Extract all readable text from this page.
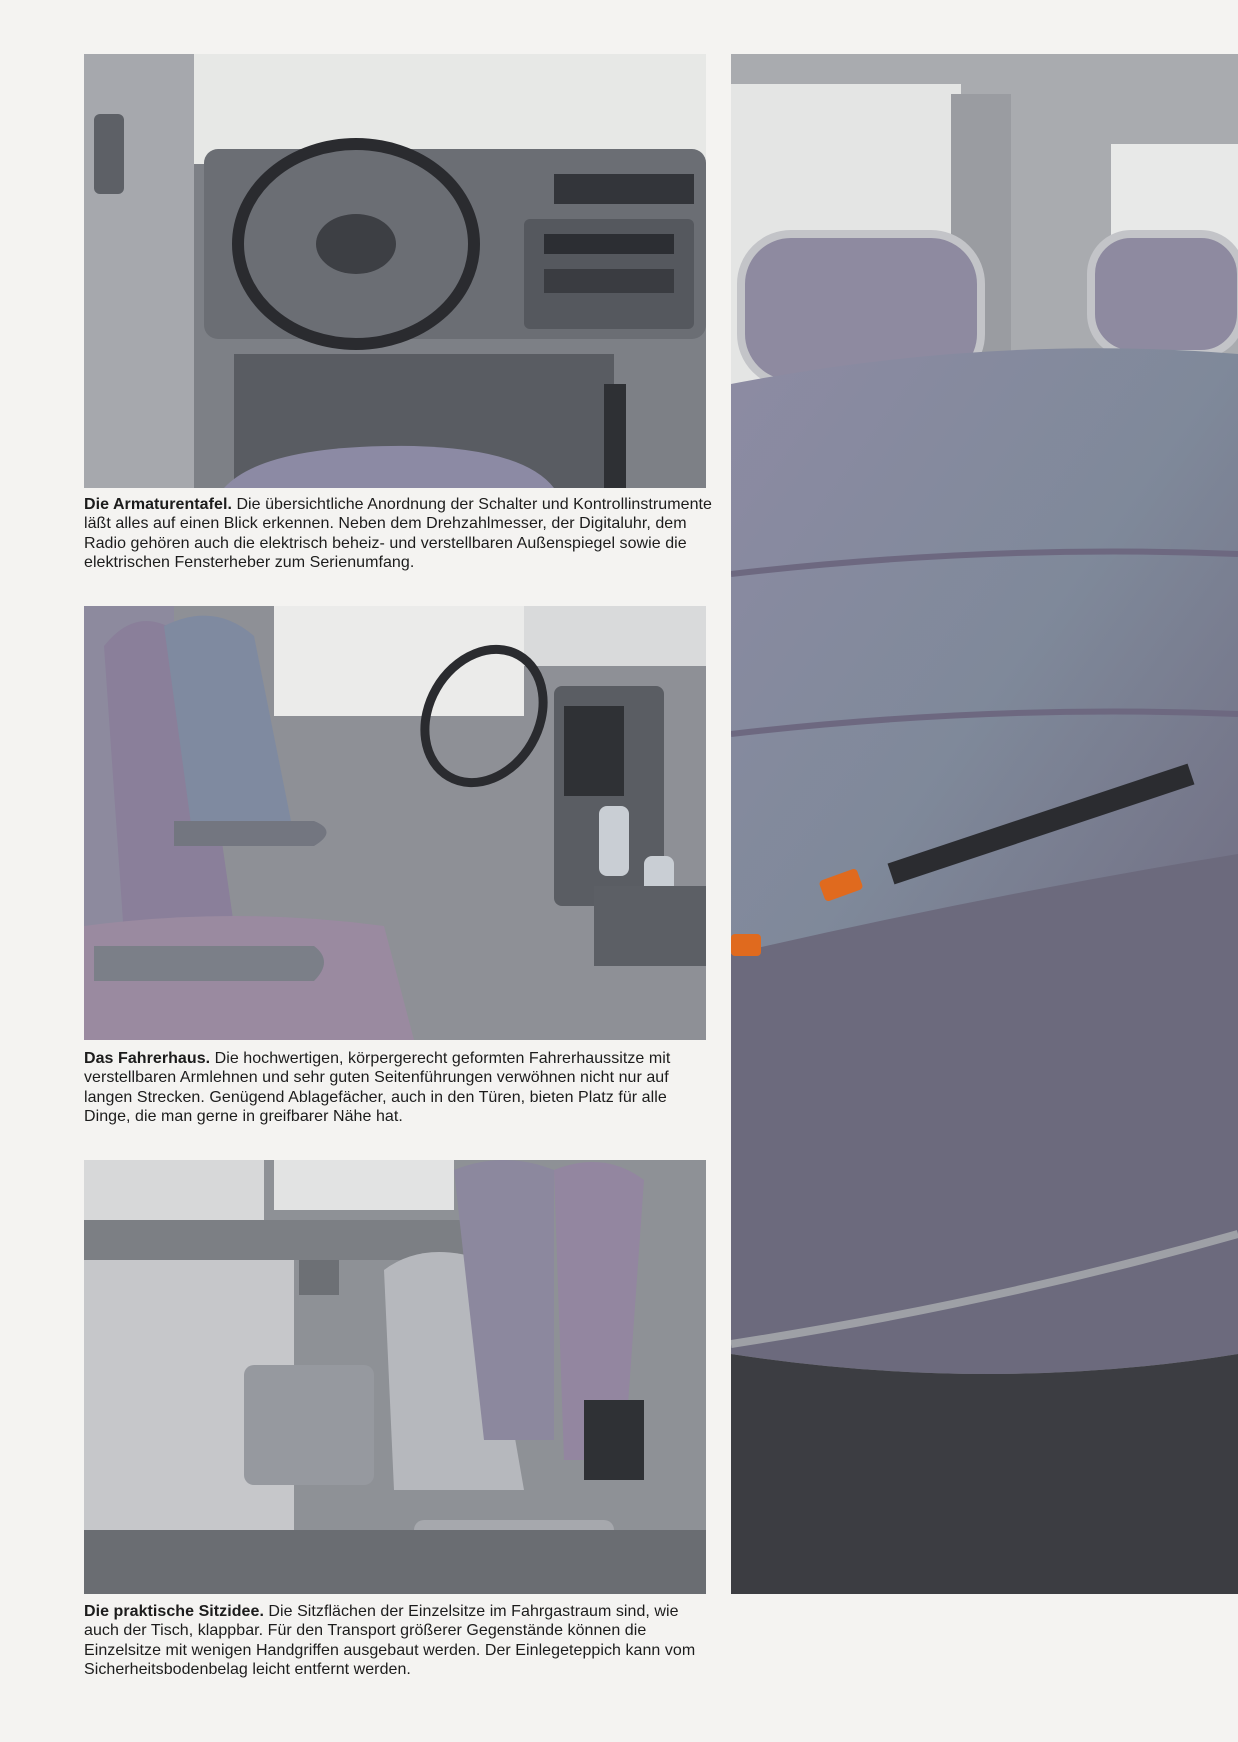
Die Armaturentafel. Die übersichtliche Anordnung der Schalter und Kontrollinstrumente läßt alles auf einen Blick erkennen. Neben dem Drehzahlmesser, der Digitaluhr, dem Radio gehören auch die elektrisch beheiz- und verstellbaren Außenspiegel sowie die elektrischen Fensterheber zum Serienumfang.
Das Fahrerhaus. Die hochwertigen, körpergerecht geformten Fahrerhaussitze mit verstellbaren Armlehnen und sehr guten Seitenführungen verwöhnen nicht nur auf langen Strecken. Genügend Ablagefächer, auch in den Türen, bieten Platz für alle Dinge, die man gerne in greifbarer Nähe hat.
Die praktische Sitzidee. Die Sitzflächen der Einzelsitze im Fahrgastraum sind, wie auch der Tisch, klappbar. Für den Transport größerer Gegenstände können die Einzelsitze mit wenigen Handgriffen ausgebaut werden. Der Einlegeteppich kann vom Sicherheitsbodenbelag leicht entfernt werden.
